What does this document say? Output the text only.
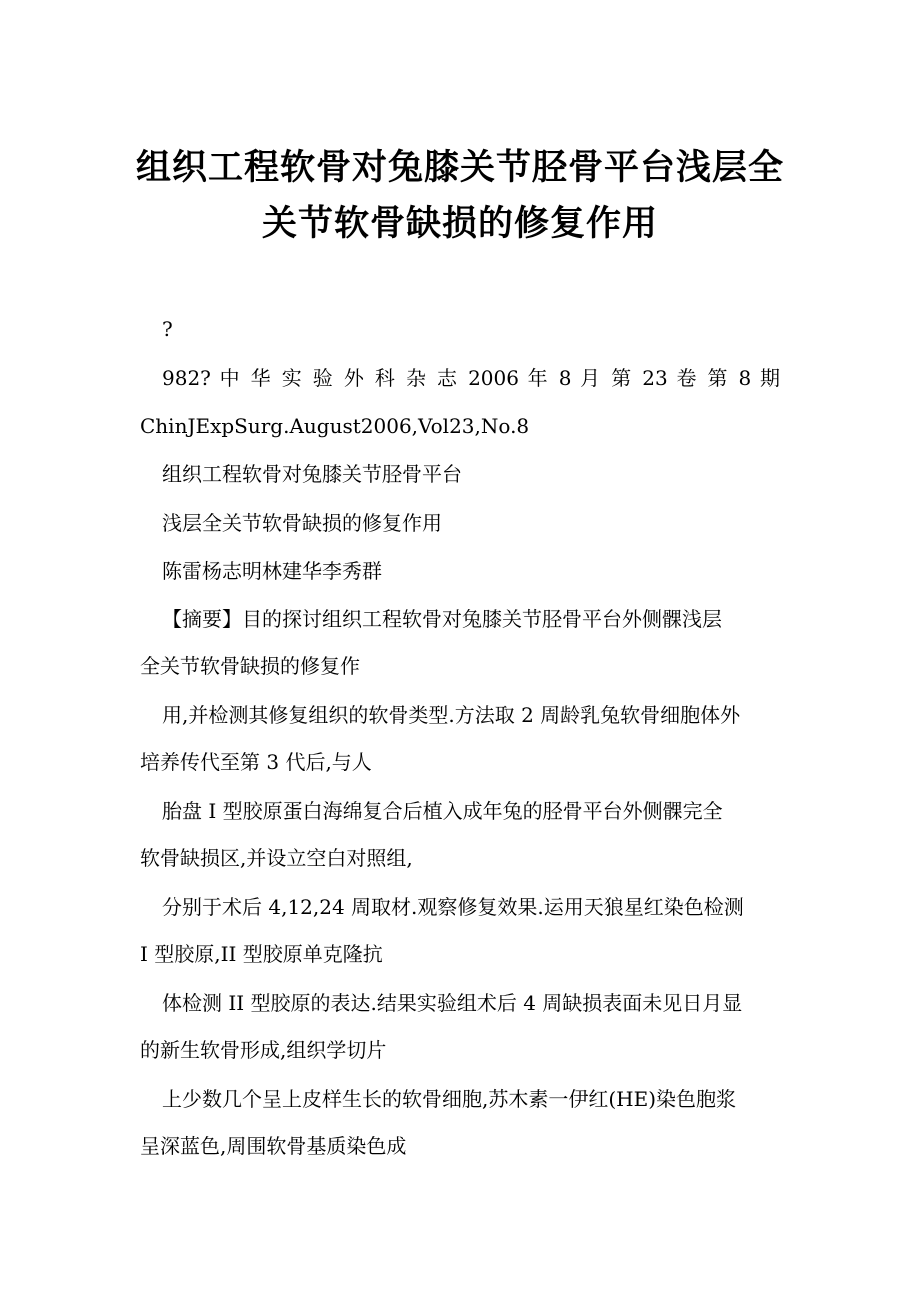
组织工程软骨对兔膝关节胫骨平台浅层全
关节软骨缺损的修复作用
?
982? 中 华 实 验 外 科 杂 志 2006 年 8 月 第 23 卷 第 8 期
ChinJExpSurg.August2006,Vol23,No.8
组织工程软骨对兔膝关节胫骨平台
浅层全关节软骨缺损的修复作用
陈雷杨志明林建华李秀群
【摘要】目的探讨组织工程软骨对兔膝关节胫骨平台外侧髁浅层
全关节软骨缺损的修复作
用,并检测其修复组织的软骨类型.方法取 2 周龄乳兔软骨细胞体外
培养传代至第 3 代后,与人
胎盘 I 型胶原蛋白海绵复合后植入成年兔的胫骨平台外侧髁完全
软骨缺损区,并设立空白对照组,
分别于术后 4,12,24 周取材.观察修复效果.运用天狼星红染色检测
I 型胶原,II 型胶原单克隆抗
体检测 II 型胶原的表达.结果实验组术后 4 周缺损表面未见日月显
的新生软骨形成,组织学切片
上少数几个呈上皮样生长的软骨细胞,苏木素一伊红(HE)染色胞浆
呈深蓝色,周围软骨基质染色成
